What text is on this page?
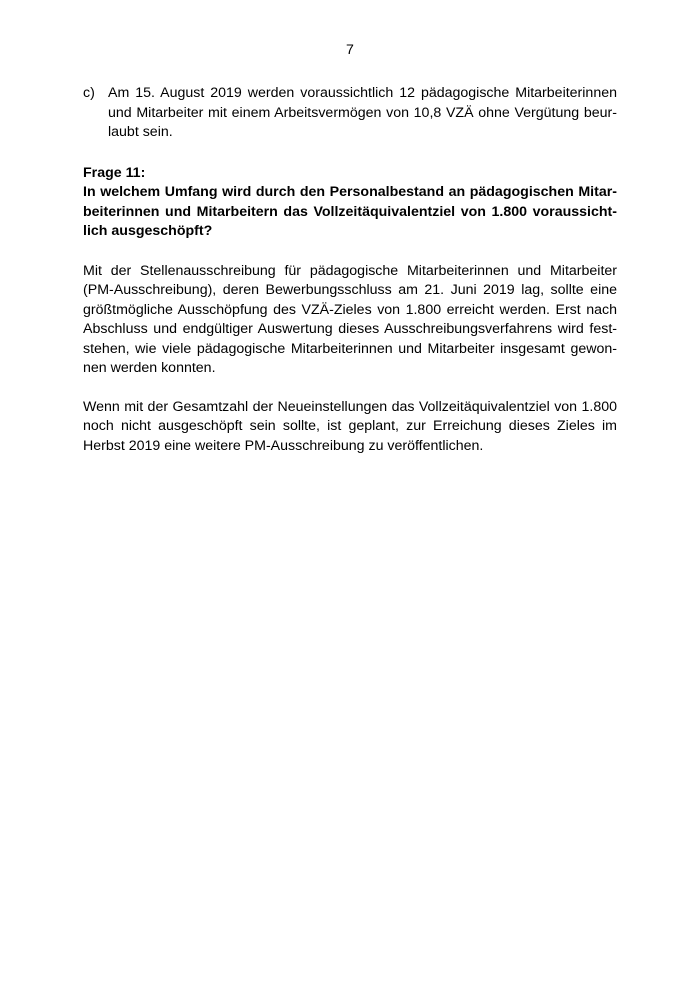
7
c) Am 15. August 2019 werden voraussichtlich 12 pädagogische Mitarbeiterinnen und Mitarbeiter mit einem Arbeitsvermögen von 10,8 VZÄ ohne Vergütung beurlaubt sein.
Frage 11:
In welchem Umfang wird durch den Personalbestand an pädagogischen Mitarbeiterinnen und Mitarbeitern das Vollzeitäquivalentziel von 1.800 voraussichtlich ausgeschöpft?

Mit der Stellenausschreibung für pädagogische Mitarbeiterinnen und Mitarbeiter (PM-Ausschreibung), deren Bewerbungsschluss am 21. Juni 2019 lag, sollte eine größtmögliche Ausschöpfung des VZÄ-Zieles von 1.800 erreicht werden. Erst nach Abschluss und endgültiger Auswertung dieses Ausschreibungsverfahrens wird feststehen, wie viele pädagogische Mitarbeiterinnen und Mitarbeiter insgesamt gewonnen werden konnten.

Wenn mit der Gesamtzahl der Neueinstellungen das Vollzeitäquivalentziel von 1.800 noch nicht ausgeschöpft sein sollte, ist geplant, zur Erreichung dieses Zieles im Herbst 2019 eine weitere PM-Ausschreibung zu veröffentlichen.
